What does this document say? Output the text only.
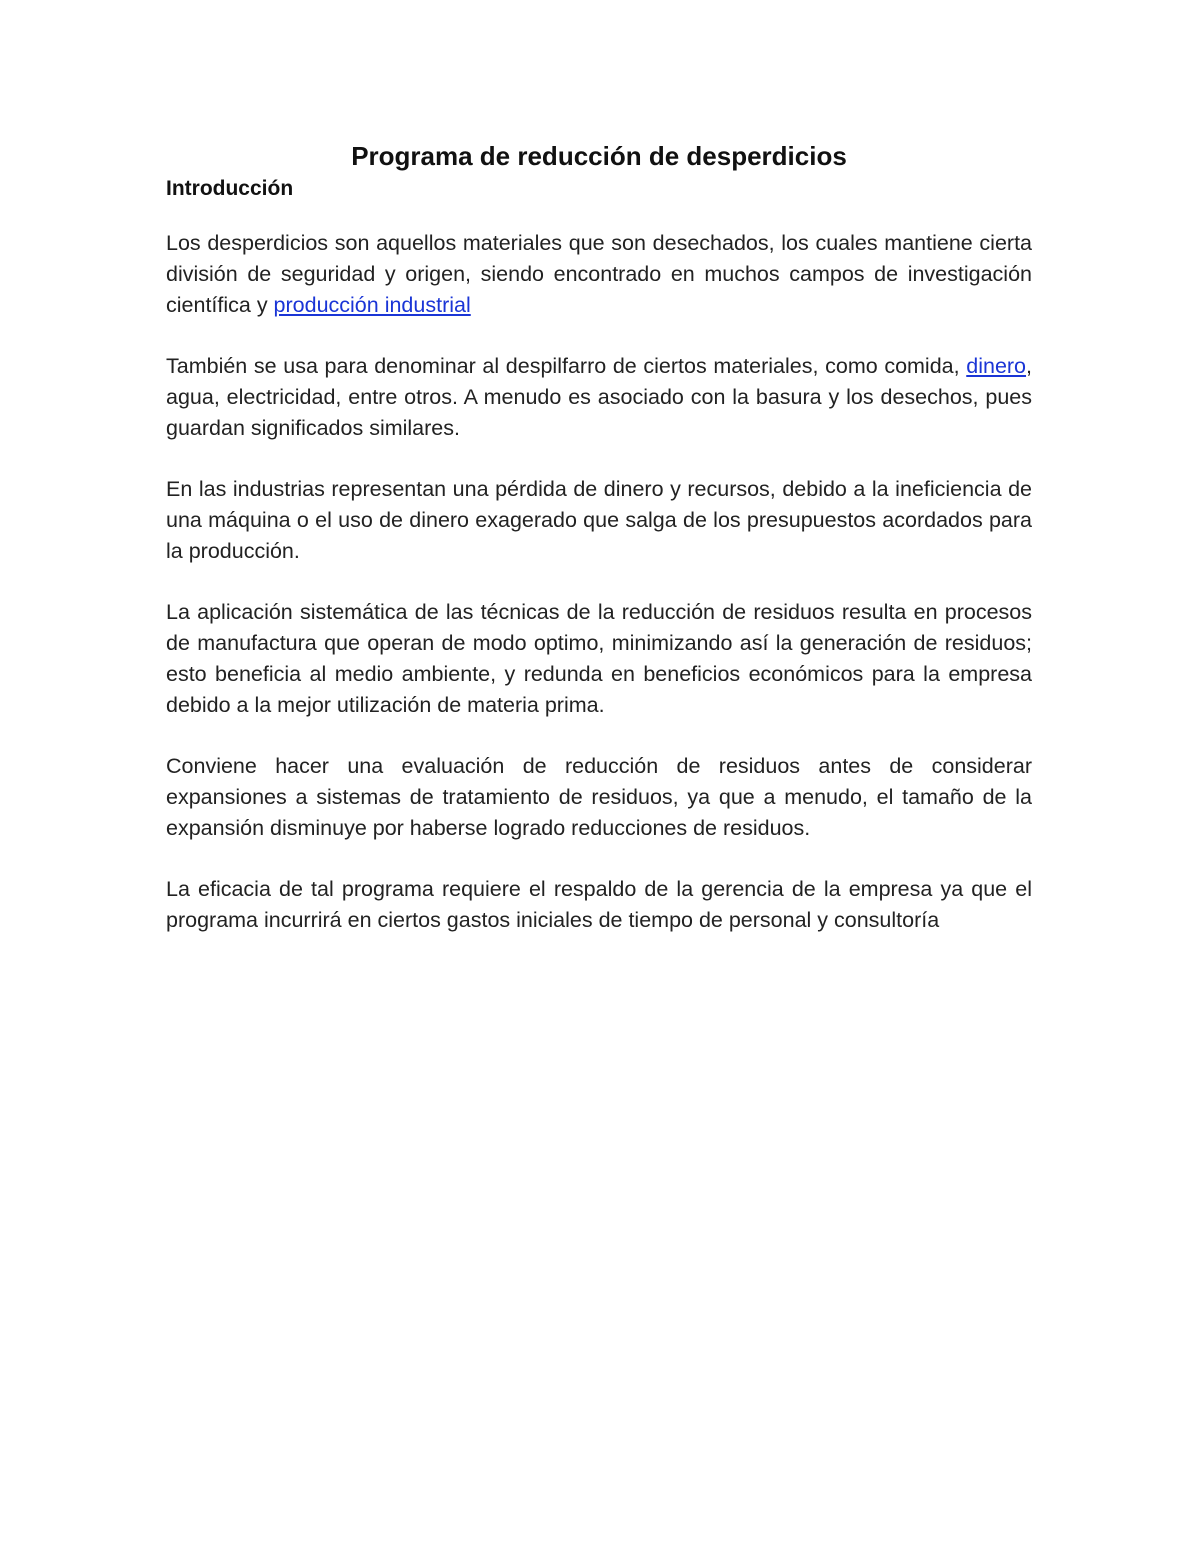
Programa de reducción de desperdicios
Introducción

Los desperdicios son aquellos materiales que son desechados, los cuales mantiene cierta división de seguridad y origen, siendo encontrado en muchos campos de investigación científica y producción industrial

También se usa para denominar al despilfarro de ciertos materiales, como comida, dinero, agua, electricidad, entre otros. A menudo es asociado con la basura y los desechos, pues guardan significados similares.

En las industrias representan una pérdida de dinero y recursos, debido a la ineficiencia de una máquina o el uso de dinero exagerado que salga de los presupuestos acordados para la producción.

La aplicación sistemática de las técnicas de la reducción de residuos resulta en procesos de manufactura que operan de modo optimo, minimizando así la generación de residuos; esto beneficia al medio ambiente, y redunda en beneficios económicos para la empresa debido a la mejor utilización de materia prima.

Conviene hacer una evaluación de reducción de residuos antes de considerar expansiones a sistemas de tratamiento de residuos, ya que a menudo, el tamaño de la expansión disminuye por haberse logrado reducciones de residuos.

La eficacia de tal programa requiere el respaldo de la gerencia de la empresa ya que el programa incurrirá en ciertos gastos iniciales de tiempo de personal y consultoría
